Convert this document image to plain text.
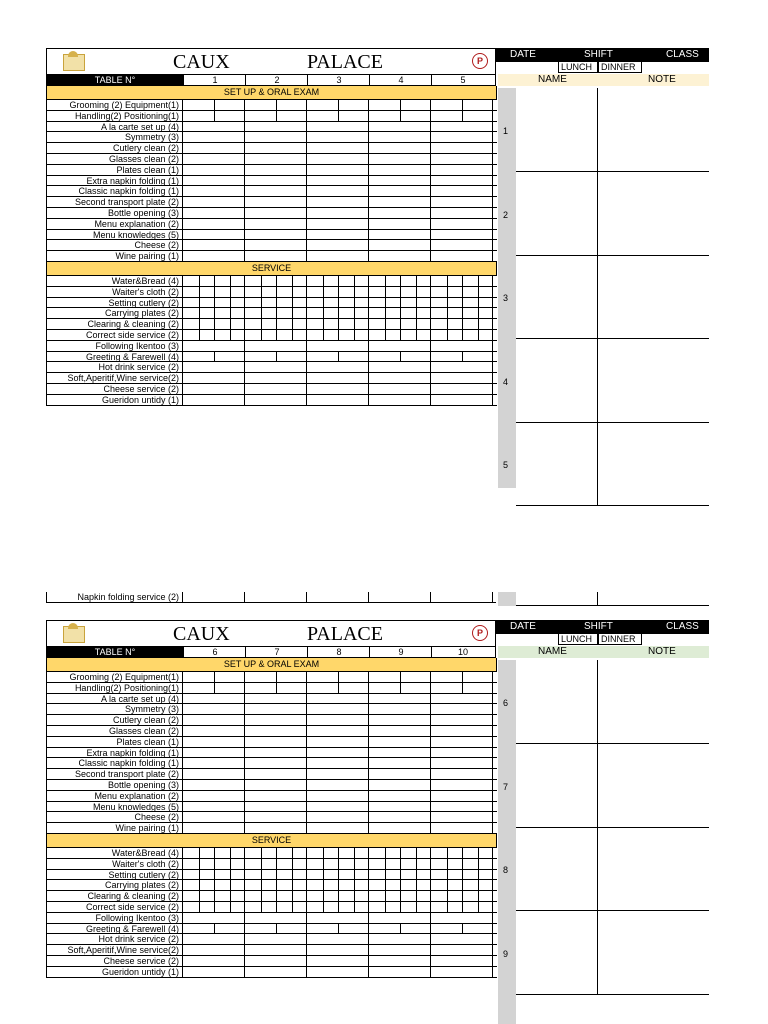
CAUX	PALACE	P
DATE	SHIFT	CLASS
LUNCH DINNER
TABLE N°	1	2	3	4	5	NAME	NOTE
SET UP & ORAL EXAM
Grooming (2) Equipment(1)
Handling(2) Positioning(1)
A la carte set up (4)
Symmetry (3)
Cutlery clean (2)
Glasses clean (2)
Plates clean (1)
Extra napkin folding (1)
Classic napkin folding (1)
Second transport plate (2)
Bottle opening (3)
Menu explanation (2)
Menu knowledges (5)
Cheese (2)
Wine pairing (1)
SERVICE
Water&Bread (4)
Waiter's cloth (2)
Setting cutlery (2)
Carrying plates (2)
Clearing & cleaning (2)
Correct side service (2)
Following Ikentoo (3)
Greeting & Farewell (4)
Hot drink service (2)
Soft,Aperitif,Wine service(2)
Cheese service (2)
Gueridon untidy (1)
1
2
3
4
5
Napkin folding service (2)
CAUX	PALACE	P
DATE	SHIFT	CLASS
LUNCH DINNER
TABLE N°	6	7	8	9	10	NAME	NOTE
SET UP & ORAL EXAM
Grooming (2) Equipment(1)
Handling(2) Positioning(1)
A la carte set up (4)
Symmetry (3)
Cutlery clean (2)
Glasses clean (2)
Plates clean (1)
Extra napkin folding (1)
Classic napkin folding (1)
Second transport plate (2)
Bottle opening (3)
Menu explanation (2)
Menu knowledges (5)
Cheese (2)
Wine pairing (1)
SERVICE
Water&Bread (4)
Waiter's cloth (2)
Setting cutlery (2)
Carrying plates (2)
Clearing & cleaning (2)
Correct side service (2)
Following Ikentoo (3)
Greeting & Farewell (4)
Hot drink service (2)
Soft,Aperitif,Wine service(2)
Cheese service (2)
Gueridon untidy (1)
6
7
8
9
